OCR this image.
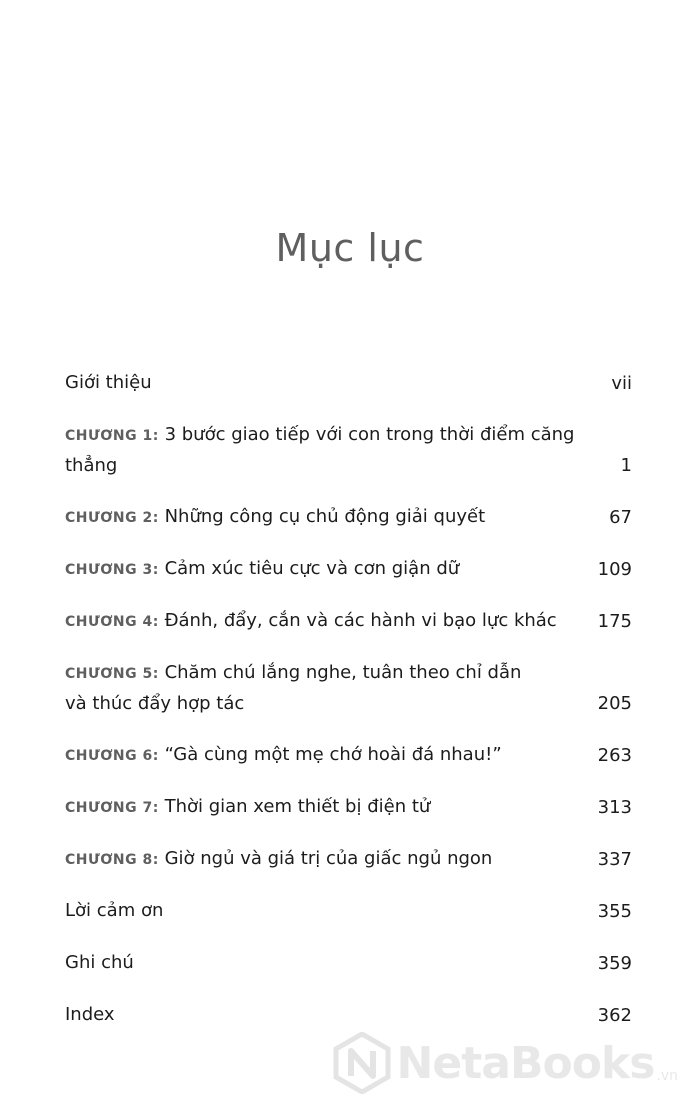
Mục lục
Giới thiệu	vii
CHƯƠNG 1: 3 bước giao tiếp với con trong thời điểm căng thẳng	1
CHƯƠNG 2: Những công cụ chủ động giải quyết	67
CHƯƠNG 3: Cảm xúc tiêu cực và cơn giận dữ	109
CHƯƠNG 4: Đánh, đẩy, cắn và các hành vi bạo lực khác	175
CHƯƠNG 5: Chăm chú lắng nghe, tuân theo chỉ dẫn
và thúc đẩy hợp tác	205
CHƯƠNG 6: “Gà cùng một mẹ chớ hoài đá nhau!”	263
CHƯƠNG 7: Thời gian xem thiết bị điện tử	313
CHƯƠNG 8: Giờ ngủ và giá trị của giấc ngủ ngon	337
Lời cảm ơn	355
Ghi chú	359
Index	362
NetaBooks .vn
